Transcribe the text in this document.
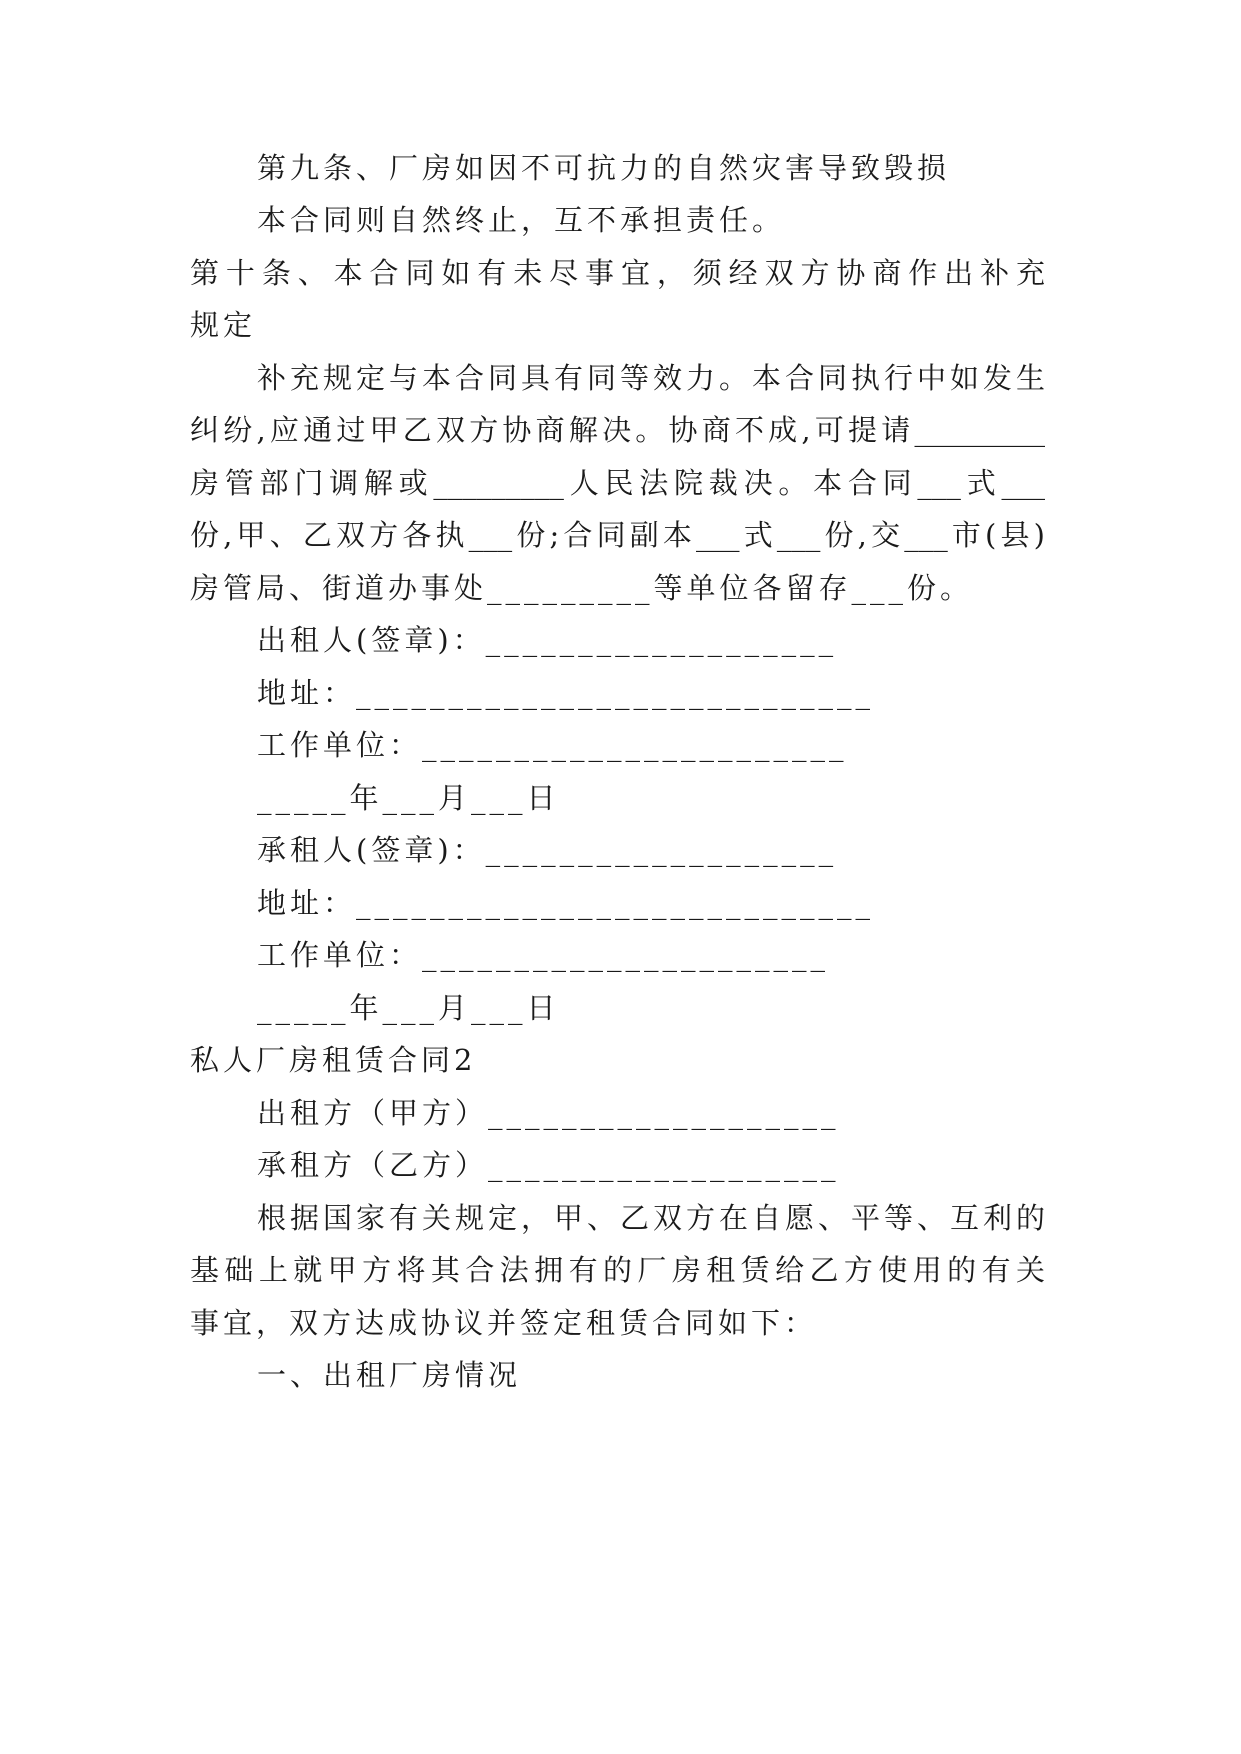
第九条、厂房如因不可抗力的自然灾害导致毁损
本合同则自然终止，互不承担责任。
第十条、本合同如有未尽事宜，须经双方协商作出补充
规定
补充规定与本合同具有同等效力。本合同执行中如发生
纠纷,应通过甲乙双方协商解决。协商不成,可提请_________
房管部门调解或_________人民法院裁决。本合同___式___
份,甲、乙双方各执___份;合同副本___式___份,交___市(县)
房管局、街道办事处_________等单位各留存___份。
出租人(签章)：___________________
地址：____________________________
工作单位：_______________________
_____年___月___日
承租人(签章)：___________________
地址：____________________________
工作单位：______________________
_____年___月___日
私人厂房租赁合同2
出租方（甲方）___________________
承租方（乙方）___________________
根据国家有关规定，甲、乙双方在自愿、平等、互利的
基础上就甲方将其合法拥有的厂房租赁给乙方使用的有关
事宜，双方达成协议并签定租赁合同如下：
一、出租厂房情况
